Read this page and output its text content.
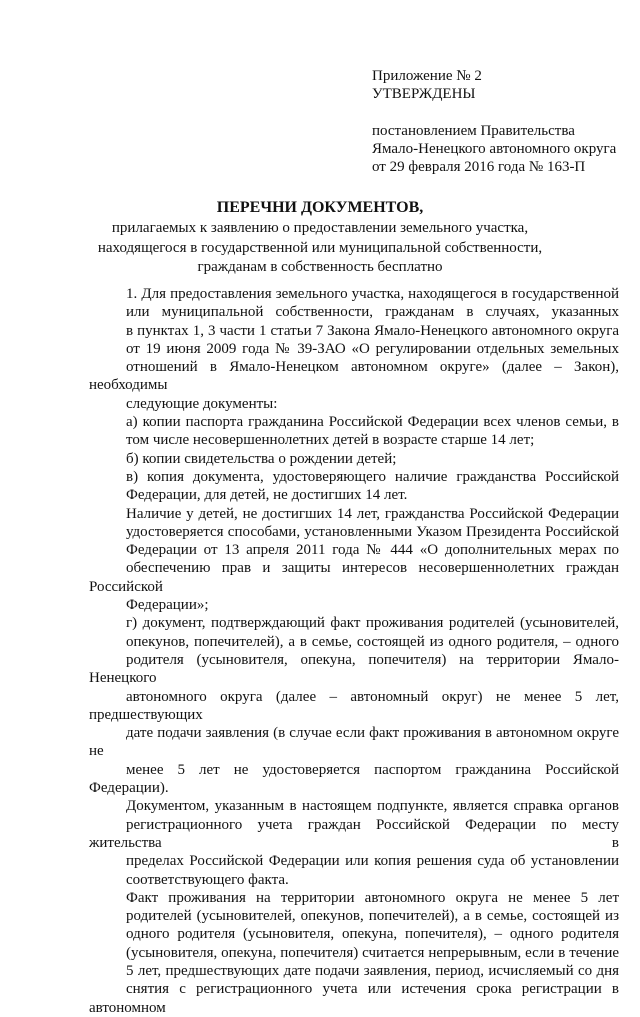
Приложение № 2
УТВЕРЖДЕНЫ
постановлением Правительства
Ямало-Ненецкого автономного округа
от 29 февраля 2016 года № 163-П
ПЕРЕЧНИ ДОКУМЕНТОВ,
прилагаемых к заявлению о предоставлении земельного участка,
находящегося в государственной или муниципальной собственности,
гражданам в собственность бесплатно
1. Для предоставления земельного участка, находящегося в государственной
или муниципальной собственности, гражданам в случаях, указанных
в пунктах 1, 3 части 1 статьи 7 Закона Ямало-Ненецкого автономного округа
от 19 июня 2009 года № 39-ЗАО «О регулировании отдельных земельных
отношений в Ямало-Ненецком автономном округе» (далее – Закон), необходимы
следующие документы:
а) копии паспорта гражданина Российской Федерации всех членов семьи, в
том числе несовершеннолетних детей в возрасте старше 14 лет;
б) копии свидетельства о рождении детей;
в) копия документа, удостоверяющего наличие гражданства Российской
Федерации, для детей, не достигших 14 лет.
Наличие у детей, не достигших 14 лет, гражданства Российской Федерации
удостоверяется способами, установленными Указом Президента Российской
Федерации от 13 апреля 2011 года № 444 «О дополнительных мерах по
обеспечению прав и защиты интересов несовершеннолетних граждан Российской
Федерации»;
г) документ, подтверждающий факт проживания родителей (усыновителей,
опекунов, попечителей), а в семье, состоящей из одного родителя, – одного
родителя (усыновителя, опекуна, попечителя) на территории Ямало-Ненецкого
автономного округа (далее – автономный округ) не менее 5 лет, предшествующих
дате подачи заявления (в случае если факт проживания в автономном округе не
менее 5 лет не удостоверяется паспортом гражданина Российской Федерации).
Документом, указанным в настоящем подпункте, является справка органов
регистрационного учета граждан Российской Федерации по месту жительства в
пределах Российской Федерации или копия решения суда об установлении
соответствующего факта.
Факт проживания на территории автономного округа не менее 5 лет
родителей (усыновителей, опекунов, попечителей), а в семье, состоящей из
одного родителя (усыновителя, опекуна, попечителя), – одного родителя
(усыновителя, опекуна, попечителя) считается непрерывным, если в течение
5 лет, предшествующих дате подачи заявления, период, исчисляемый со дня
снятия с регистрационного учета или истечения срока регистрации в автономном
